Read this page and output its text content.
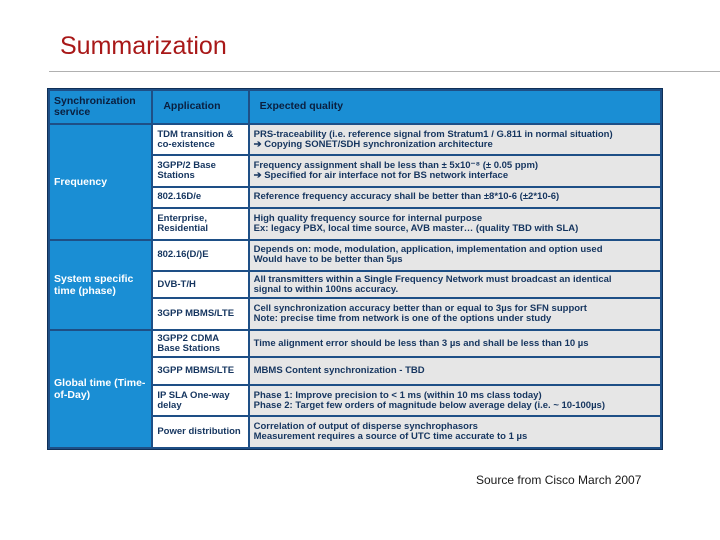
Summarization
Synchronization service	Application	Expected quality
Frequency	TDM transition & co-existence	PRS-traceability (i.e. reference signal from Stratum1 / G.811 in normal situation)
➔ Copying SONET/SDH synchronization architecture

	3GPP/2 Base Stations	Frequency assignment shall be less than ± 5x10⁻⁸ (± 0.05 ppm)
➔ Specified for air interface not for BS network interface

	802.16D/e	Reference frequency accuracy shall be better than ±8*10-6 (±2*10-6)

	Enterprise, Residential	High quality frequency source for internal purpose
Ex: legacy PBX, local time source, AVB master… (quality TBD with SLA)

System specific time (phase)	802.16(D/)E	Depends on: mode, modulation, application, implementation and option used
Would have to be better than 5µs

	DVB-T/H	All transmitters within a Single Frequency Network must broadcast an identical
signal to within 100ns accuracy.

	3GPP MBMS/LTE	Cell synchronization accuracy better than or equal to 3µs for SFN support
Note: precise time from network is one of the options under study

Global time (Time-of-Day)	3GPP2 CDMA Base Stations	Time alignment error should be less than 3 µs and shall be less than 10 µs

	3GPP MBMS/LTE	MBMS Content synchronization - TBD

	IP SLA One-way delay	Phase 1: Improve precision to < 1 ms (within 10 ms class today)
Phase 2: Target few orders of magnitude below average delay (i.e. ~ 10-100µs)

	Power distribution	Correlation of output of disperse synchrophasors
Measurement requires a source of UTC time accurate to 1 µs
Source from Cisco March 2007
